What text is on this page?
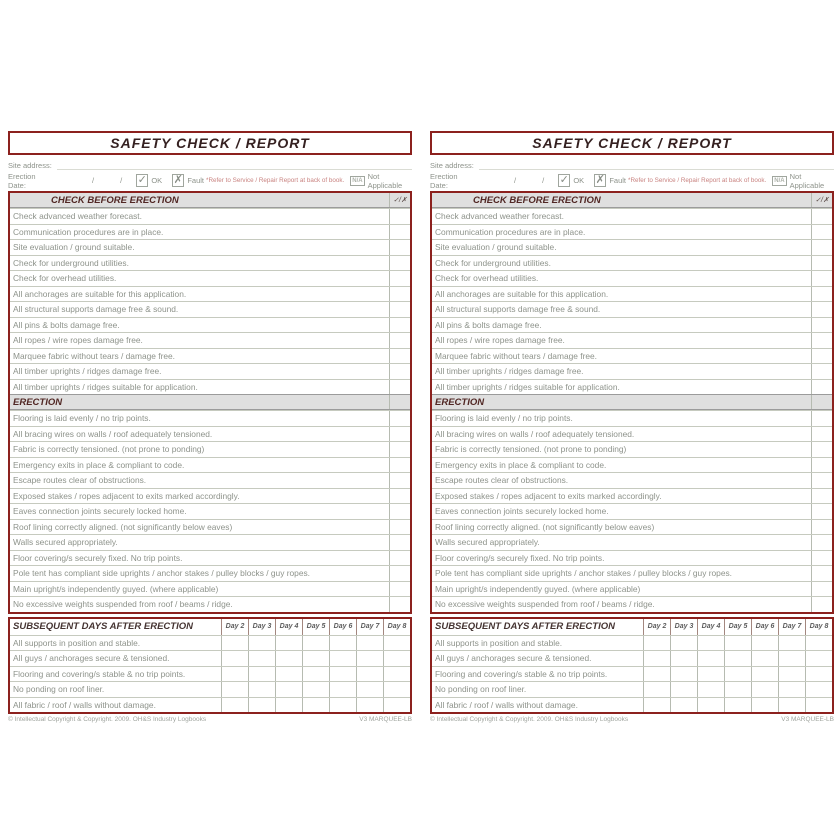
SAFETY CHECK / REPORT
Site address:
Erection Date:	/	/ ✓ OK ✗ Fault *Refer to Service / Repair Report at back of book.	N/A Not Applicable
CHECK BEFORE ERECTION	✓/✗
Check advanced weather forecast.
Communication procedures are in place.
Site evaluation / ground suitable.
Check for underground utilities.
Check for overhead utilities.
All anchorages are suitable for this application.
All structural supports damage free & sound.
All pins & bolts damage free.
All ropes / wire ropes damage free.
Marquee fabric without tears / damage free.
All timber uprights / ridges damage free.
All timber uprights / ridges suitable for application.
ERECTION
Flooring is laid evenly / no trip points.
All bracing wires on walls / roof adequately tensioned.
Fabric is correctly tensioned. (not prone to ponding)
Emergency exits in place & compliant to code.
Escape routes clear of obstructions.
Exposed stakes / ropes adjacent to exits marked accordingly.
Eaves connection joints securely locked home.
Roof lining correctly aligned. (not significantly below eaves)
Walls secured appropriately.
Floor covering/s securely fixed. No trip points.
Pole tent has compliant side uprights / anchor stakes / pulley blocks / guy ropes.
Main upright/s independently guyed. (where applicable)
No excessive weights suspended from roof / beams / ridge.
SUBSEQUENT DAYS AFTER ERECTION	Day 2	Day 3	Day 4	Day 5	Day 6	Day 7	Day 8
All supports in position and stable.
All guys / anchorages secure & tensioned.
Flooring and covering/s stable & no trip points.
No ponding on roof liner.
All fabric / roof / walls without damage.
© Intellectual Copyright & Copyright. 2009. OH&S Industry Logbooks	V3 MARQUEE-LB
SAFETY CHECK / REPORT
Site address:
Erection Date:	/	/ ✓ OK ✗ Fault *Refer to Service / Repair Report at back of book.	N/A Not Applicable
CHECK BEFORE ERECTION	✓/✗
Check advanced weather forecast.
Communication procedures are in place.
Site evaluation / ground suitable.
Check for underground utilities.
Check for overhead utilities.
All anchorages are suitable for this application.
All structural supports damage free & sound.
All pins & bolts damage free.
All ropes / wire ropes damage free.
Marquee fabric without tears / damage free.
All timber uprights / ridges damage free.
All timber uprights / ridges suitable for application.
ERECTION
Flooring is laid evenly / no trip points.
All bracing wires on walls / roof adequately tensioned.
Fabric is correctly tensioned. (not prone to ponding)
Emergency exits in place & compliant to code.
Escape routes clear of obstructions.
Exposed stakes / ropes adjacent to exits marked accordingly.
Eaves connection joints securely locked home.
Roof lining correctly aligned. (not significantly below eaves)
Walls secured appropriately.
Floor covering/s securely fixed. No trip points.
Pole tent has compliant side uprights / anchor stakes / pulley blocks / guy ropes.
Main upright/s independently guyed. (where applicable)
No excessive weights suspended from roof / beams / ridge.
SUBSEQUENT DAYS AFTER ERECTION	Day 2	Day 3	Day 4	Day 5	Day 6	Day 7	Day 8
All supports in position and stable.
All guys / anchorages secure & tensioned.
Flooring and covering/s stable & no trip points.
No ponding on roof liner.
All fabric / roof / walls without damage.
© Intellectual Copyright & Copyright. 2009. OH&S Industry Logbooks	V3 MARQUEE-LB
